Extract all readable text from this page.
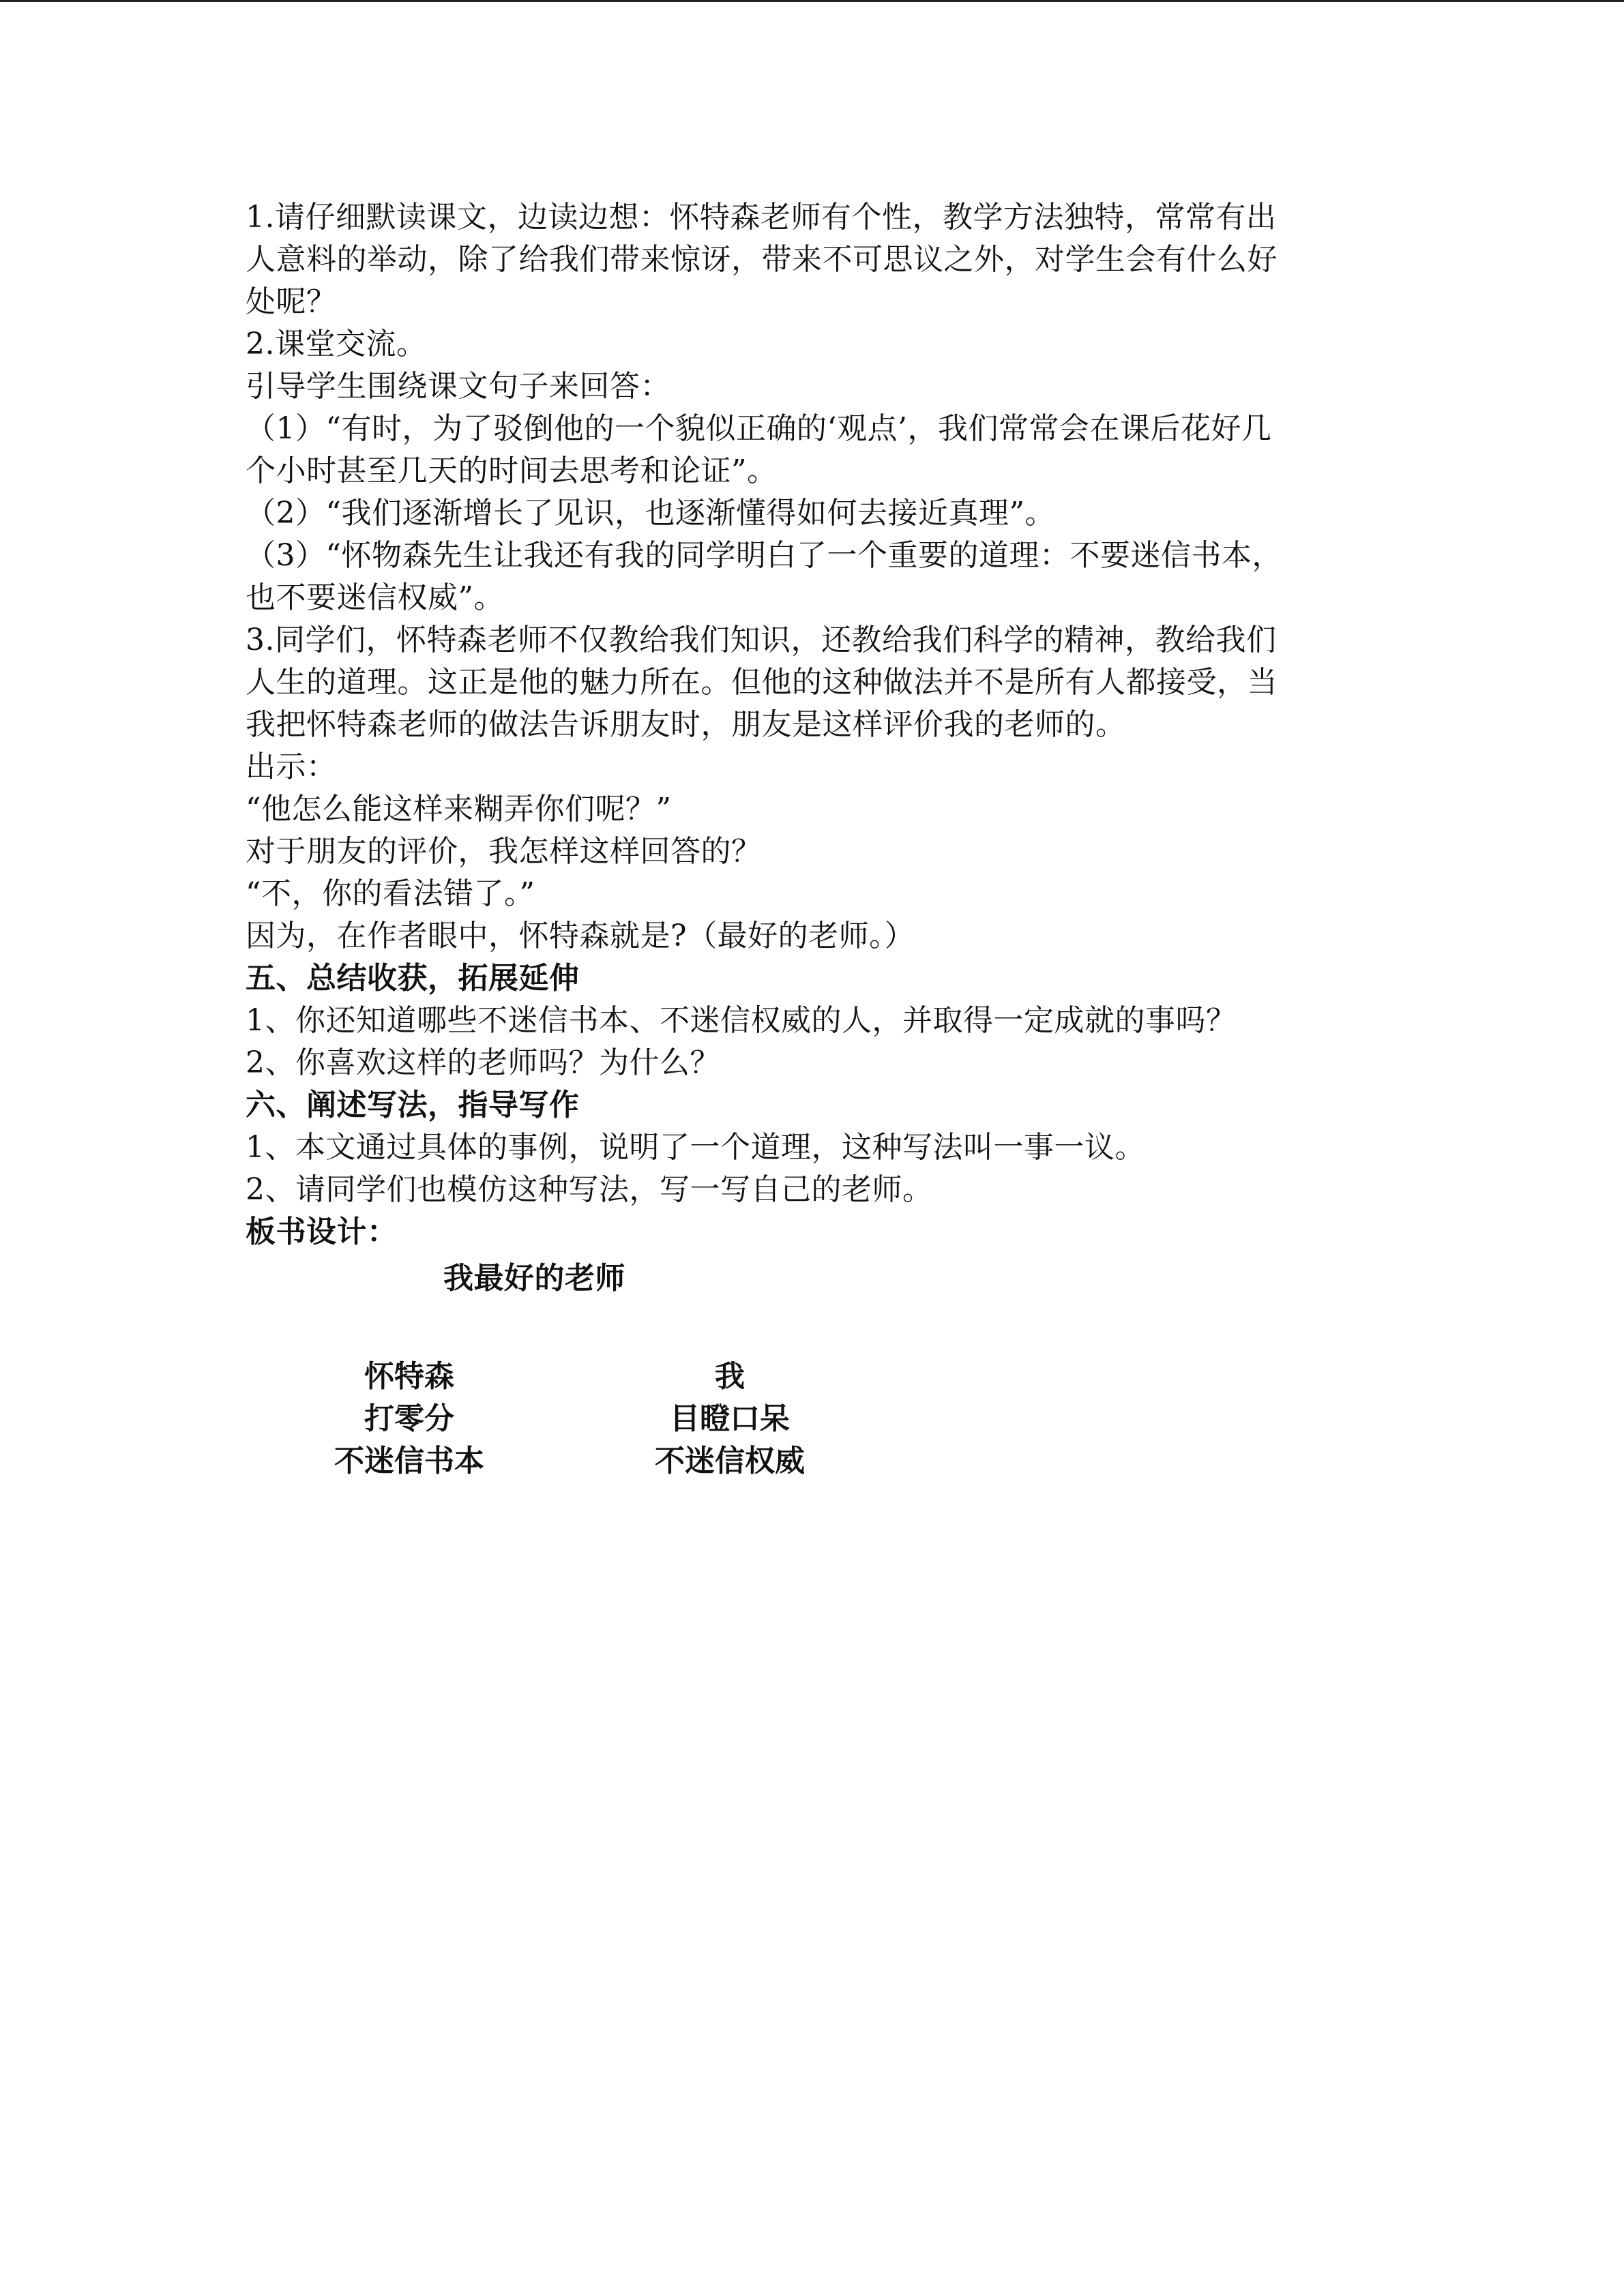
1.请仔细默读课文，边读边想：怀特森老师有个性，教学方法独特，常常有出
人意料的举动，除了给我们带来惊讶，带来不可思议之外，对学生会有什么好
处呢？
2.课堂交流。
引导学生围绕课文句子来回答：
（1）“有时，为了驳倒他的一个貌似正确的‘观点’，我们常常会在课后花好几
个小时甚至几天的时间去思考和论证”。
（2）“我们逐渐增长了见识，也逐渐懂得如何去接近真理”。
（3）“怀物森先生让我还有我的同学明白了一个重要的道理：不要迷信书本，
也不要迷信权威”。
3.同学们，怀特森老师不仅教给我们知识，还教给我们科学的精神，教给我们
人生的道理。这正是他的魅力所在。但他的这种做法并不是所有人都接受，当
我把怀特森老师的做法告诉朋友时，朋友是这样评价我的老师的。
出示：
“他怎么能这样来糊弄你们呢？”
对于朋友的评价，我怎样这样回答的？
“不，你的看法错了。”
因为，在作者眼中，怀特森就是?（最好的老师。）
五、总结收获，拓展延伸
1、你还知道哪些不迷信书本、不迷信权威的人，并取得一定成就的事吗？
2、你喜欢这样的老师吗？为什么？
六、阐述写法，指导写作
1、本文通过具体的事例，说明了一个道理，这种写法叫一事一议。
2、请同学们也模仿这种写法，写一写自己的老师。
板书设计：
我最好的老师
怀特森	我
打零分	目瞪口呆
不迷信书本	不迷信权威
